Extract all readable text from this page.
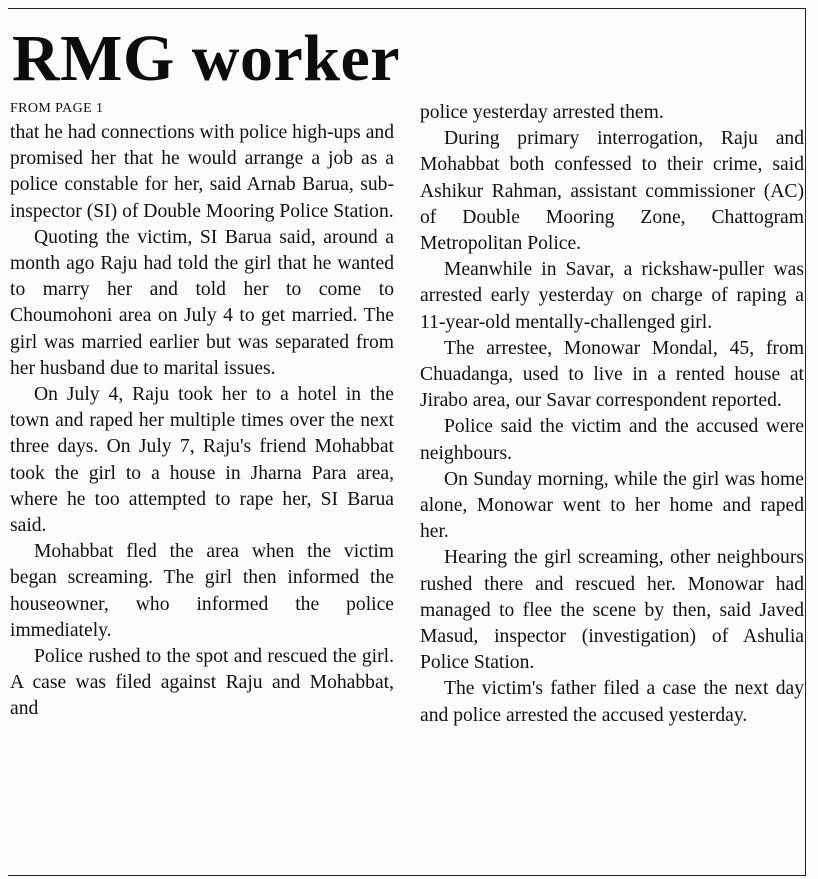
RMG worker
FROM PAGE 1

that he had connections with police high-ups and promised her that he would arrange a job as a police constable for her, said Arnab Barua, sub-inspector (SI) of Double Mooring Police Station.

Quoting the victim, SI Barua said, around a month ago Raju had told the girl that he wanted to marry her and told her to come to Choumohoni area on July 4 to get married. The girl was married earlier but was separated from her husband due to marital issues.

On July 4, Raju took her to a hotel in the town and raped her multiple times over the next three days. On July 7, Raju's friend Mohabbat took the girl to a house in Jharna Para area, where he too attempted to rape her, SI Barua said.

Mohabbat fled the area when the victim began screaming. The girl then informed the houseowner, who informed the police immediately.

Police rushed to the spot and rescued the girl. A case was filed against Raju and Mohabbat, and

police yesterday arrested them.

During primary interrogation, Raju and Mohabbat both confessed to their crime, said Ashikur Rahman, assistant commissioner (AC) of Double Mooring Zone, Chattogram Metropolitan Police.

Meanwhile in Savar, a rickshaw-puller was arrested early yesterday on charge of raping a 11-year-old mentally-challenged girl.

The arrestee, Monowar Mondal, 45, from Chuadanga, used to live in a rented house at Jirabo area, our Savar correspondent reported.

Police said the victim and the accused were neighbours.

On Sunday morning, while the girl was home alone, Monowar went to her home and raped her.

Hearing the girl screaming, other neighbours rushed there and rescued her. Monowar had managed to flee the scene by then, said Javed Masud, inspector (investigation) of Ashulia Police Station.

The victim's father filed a case the next day and police arrested the accused yesterday.
